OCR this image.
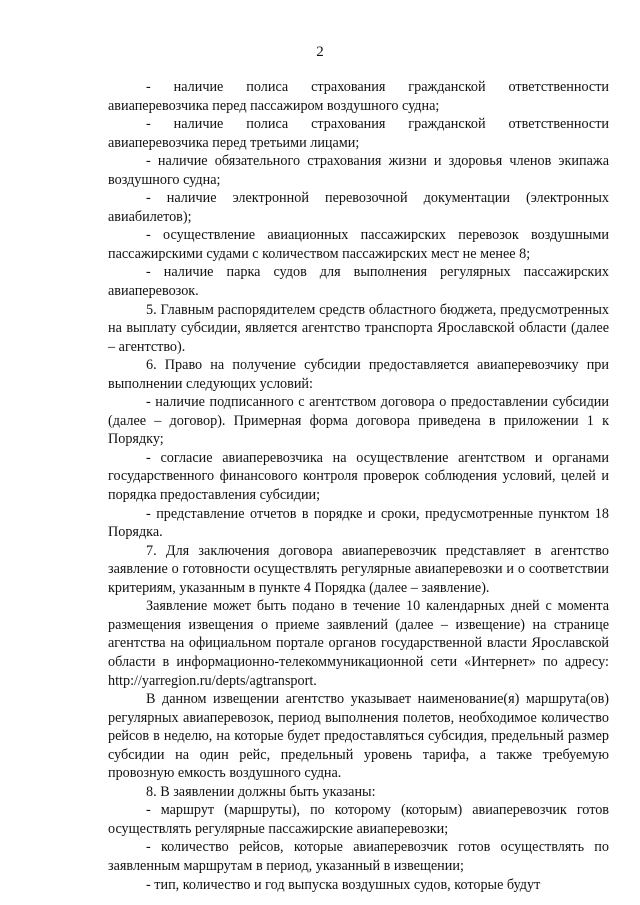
2

- наличие полиса страхования гражданской ответственности авиаперевозчика перед пассажиром воздушного судна;

- наличие полиса страхования гражданской ответственности авиаперевозчика перед третьими лицами;

- наличие обязательного страхования жизни и здоровья членов экипажа воздушного судна;

- наличие электронной перевозочной документации (электронных авиабилетов);

- осуществление авиационных пассажирских перевозок воздушными пассажирскими судами с количеством пассажирских мест не менее 8;

- наличие парка судов для выполнения регулярных пассажирских авиаперевозок.

5. Главным распорядителем средств областного бюджета, предусмотренных на выплату субсидии, является агентство транспорта Ярославской области (далее – агентство).

6. Право на получение субсидии предоставляется авиаперевозчику при выполнении следующих условий:

- наличие подписанного с агентством договора о предоставлении субсидии (далее – договор). Примерная форма договора приведена в приложении 1 к Порядку;

- согласие авиаперевозчика на осуществление агентством и органами государственного финансового контроля проверок соблюдения условий, целей и порядка предоставления субсидии;

- представление отчетов в порядке и сроки, предусмотренные пунктом 18 Порядка.

7. Для заключения договора авиаперевозчик представляет в агентство заявление о готовности осуществлять регулярные авиаперевозки и о соответствии критериям, указанным в пункте 4 Порядка (далее – заявление).

Заявление может быть подано в течение 10 календарных дней с момента размещения извещения о приеме заявлений (далее – извещение) на странице агентства на официальном портале органов государственной власти Ярославской области в информационно-телекоммуникационной сети «Интернет» по адресу: http://yarregion.ru/depts/agtransport.

В данном извещении агентство указывает наименование(я) маршрута(ов) регулярных авиаперевозок, период выполнения полетов, необходимое количество рейсов в неделю, на которые будет предоставляться субсидия, предельный размер субсидии на один рейс, предельный уровень тарифа, а также требуемую провозную емкость воздушного судна.

8. В заявлении должны быть указаны:

- маршрут (маршруты), по которому (которым) авиаперевозчик готов осуществлять регулярные пассажирские авиаперевозки;

- количество рейсов, которые авиаперевозчик готов осуществлять по заявленным маршрутам в период, указанный в извещении;

- тип, количество и год выпуска воздушных судов, которые будут
